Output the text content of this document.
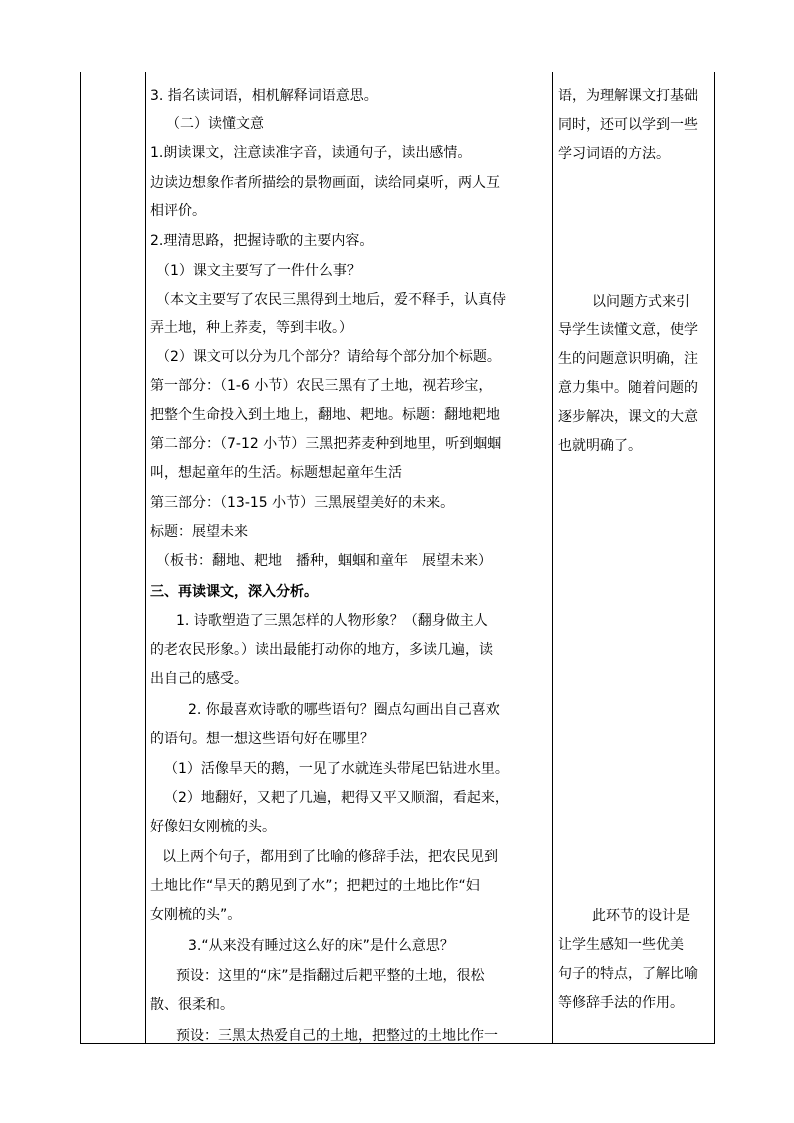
3. 指名读词语，相机解释词语意思。
（二）读懂文意
1.朗读课文，注意读准字音，读通句子，读出感情。
边读边想象作者所描绘的景物画面，读给同桌听，两人互
相评价。
2.理清思路，把握诗歌的主要内容。
（1）课文主要写了一件什么事？
（本文主要写了农民三黑得到土地后，爱不释手，认真侍
弄土地，种上荞麦，等到丰收。）
（2）课文可以分为几个部分？请给每个部分加个标题。
第一部分：（1-6 小节）农民三黑有了土地，视若珍宝，
把整个生命投入到土地上，翻地、耙地。标题：翻地耙地
第二部分：（7-12 小节）三黑把荞麦种到地里，听到蝈蝈
叫，想起童年的生活。标题想起童年生活
第三部分：（13-15 小节）三黑展望美好的未来。
标题：展望未来
（板书：翻地、耙地　播种，蝈蝈和童年　展望未来）
三、再读课文，深入分析。
1. 诗歌塑造了三黑怎样的人物形象？（翻身做主人
的老农民形象。）读出最能打动你的地方，多读几遍，读
出自己的感受。
2. 你最喜欢诗歌的哪些语句？圈点勾画出自己喜欢
的语句。想一想这些语句好在哪里？
（1）活像旱天的鹅，一见了水就连头带尾巴钻进水里。
（2）地翻好，又耙了几遍，耙得又平又顺溜，看起来，
好像妇女刚梳的头。
以上两个句子，都用到了比喻的修辞手法，把农民见到
土地比作“旱天的鹅见到了水”；把耙过的土地比作“妇
女刚梳的头”。
3.“从来没有睡过这么好的床”是什么意思？
预设：这里的“床”是指翻过后耙平整的土地，很松
散、很柔和。
预设：三黑太热爱自己的土地，把整过的土地比作一
语，为理解课文打基础
同时，还可以学到一些
学习词语的方法。
以问题方式来引
导学生读懂文意，使学
生的问题意识明确，注
意力集中。随着问题的
逐步解决，课文的大意
也就明确了。
此环节的设计是
让学生感知一些优美
句子的特点，了解比喻
等修辞手法的作用。
